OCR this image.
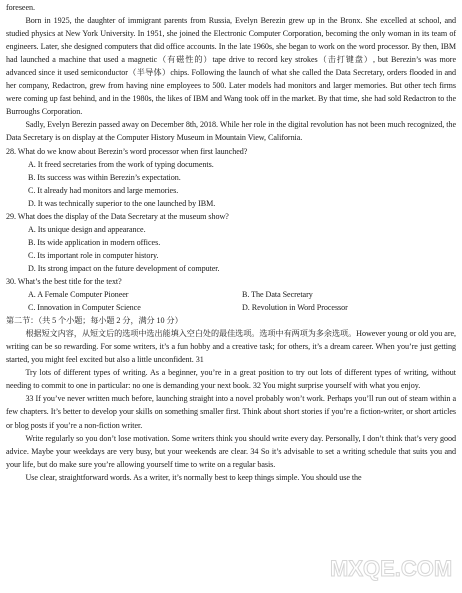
foreseen.

Born in 1925, the daughter of immigrant parents from Russia, Evelyn Berezin grew up in the Bronx. She excelled at school, and studied physics at New York University. In 1951, she joined the Electronic Computer Corporation, becoming the only woman in its team of engineers. Later, she designed computers that did office accounts. In the late 1960s, she began to work on the word processor. By then, IBM had launched a machine that used a magnetic（有磁性的）tape drive to record key strokes（击打键盘）, but Berezin’s was more advanced since it used semiconductor（半导体）chips. Following the launch of what she called the Data Secretary, orders flooded in and her company, Redactron, grew from having nine employees to 500. Later models had monitors and larger memories. But other tech firms were coming up fast behind, and in the 1980s, the likes of IBM and Wang took off in the market. By that time, she had sold Redactron to the Burroughs Corporation.

Sadly, Evelyn Berezin passed away on December 8th, 2018. While her role in the digital revolution has not been much recognized, the Data Secretary is on display at the Computer History Museum in Mountain View, California.

28. What do we know about Berezin’s word processor when first launched?

A. It freed secretaries from the work of typing documents.

B. Its success was within Berezin’s expectation.

C. It already had monitors and large memories.

D. It was technically superior to the one launched by IBM.

29. What does the display of the Data Secretary at the museum show?

A. Its unique design and appearance.

B. Its wide application in modern offices.

C. Its important role in computer history.

D. Its strong impact on the future development of computer.

30. What’s the best title for the text?

A. A Female Computer Pioneer	B. The Data Secretary
C. Innovation in Computer Science	D. Revolution in Word Processor

第二节：（共 5 个小题；每小题 2 分，满分 10 分）

根据短文内容，从短文后的选项中选出能填入空白处的最佳选项。选项中有两项为多余选项。However young or old you are, writing can be so rewarding. For some writers, it’s a fun hobby and a creative task; for others, it’s a dream career. When you’re just getting started, you might feel excited but also a little unconfident. 31

Try lots of different types of writing. As a beginner, you’re in a great position to try out lots of different types of writing, without needing to commit to one in particular: no one is demanding your next book. 32 You might surprise yourself with what you enjoy.

33 If you’ve never written much before, launching straight into a novel probably won’t work. Perhaps you’ll run out of steam within a few chapters. It’s better to develop your skills on something smaller first. Think about short stories if you’re a fiction-writer, or short articles or blog posts if you’re a non-fiction writer.

Write regularly so you don’t lose motivation. Some writers think you should write every day. Personally, I don’t think that’s very good advice. Maybe your weekdays are very busy, but your weekends are clear. 34 So it’s advisable to set a writing schedule that suits you and your life, but do make sure you’re allowing yourself time to write on a regular basis.

Use clear, straightforward words. As a writer, it’s normally best to keep things simple. You should use the

MXQE.COM
